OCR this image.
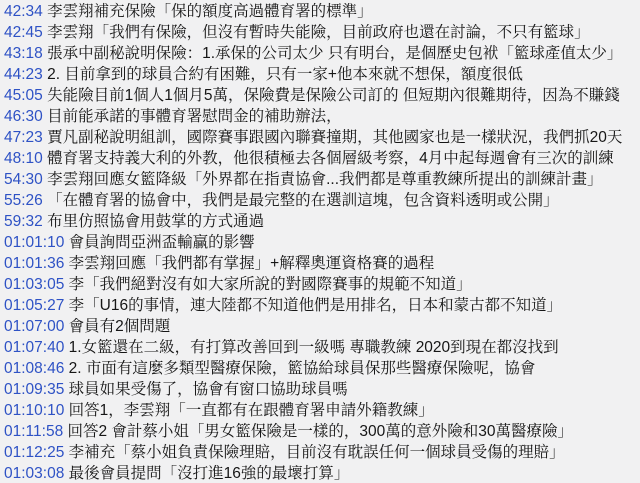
42:34 李雲翔補充保險「保的額度高過體育署的標準」
42:45 李雲翔「我們有保險，但沒有暫時失能險，目前政府也還在討論，不只有籃球」
43:18 張承中副秘說明保險：1.承保的公司太少 只有明台，是個歷史包袱「籃球產值太少」
44:23 2. 目前拿到的球員合約有困難，只有一家+他本來就不想保，額度很低
45:05 失能險目前1個人1個月5萬，保險費是保險公司訂的 但短期內很難期待，因為不賺錢
46:30 目前能承諾的事體育署慰問金的補助辦法，
47:23 賈凡副秘說明組訓，國際賽事跟國內聯賽撞期，其他國家也是一樣狀況，我們抓20天
48:10 體育署支持義大利的外教，他很積極去各個層級考察，4月中起每週會有三次的訓練
54:30 李雲翔回應女籃降級「外界都在指責協會...我們都是尊重教練所提出的訓練計畫」
55:26 「在體育署的協會中，我們是最完整的在選訓這塊，包含資料透明或公開」
59:32 布里仿照協會用鼓掌的方式通過
01:01:10 會員詢問亞洲盃輸贏的影響
01:01:36 李雲翔回應「我們都有掌握」+解釋奧運資格賽的過程
01:03:05 李「我們絕對沒有如大家所說的對國際賽事的規範不知道」
01:05:27 李「U16的事情，連大陸都不知道他們是用排名，日本和蒙古都不知道」
01:07:00 會員有2個問題
01:07:40 1.女籃還在二級，有打算改善回到一級嗎 專職教練 2020到現在都沒找到
01:08:46 2. 市面有這麼多類型醫療保險，籃協給球員保那些醫療保險呢，協會
01:09:35 球員如果受傷了，協會有窗口協助球員嗎
01:10:10 回答1，李雲翔「一直都有在跟體育署申請外籍教練」
01:11:58 回答2 會計蔡小姐「男女籃保險是一樣的，300萬的意外險和30萬醫療險」
01:12:25 李補充「蔡小姐負責保險理賠，目前沒有耽誤任何一個球員受傷的理賠」
01:03:08 最後會員提問「沒打進16強的最壞打算」
